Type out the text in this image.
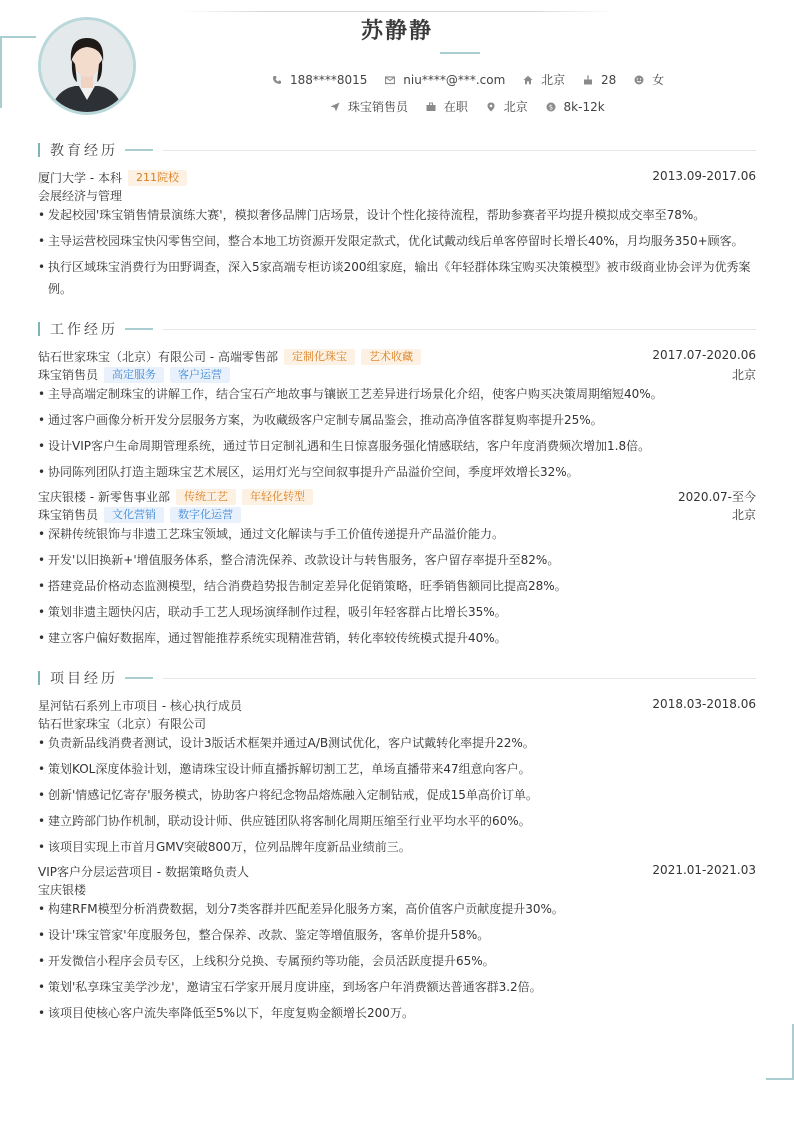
苏静静
188****8015
	niu****@***.com
	北京
	28
	女
珠宝销售员
	在职
	北京
	$ 8k-12k
教育经历
厦门大学 - 本科 211院校	2013.09-2017.06
会展经济与管理
• 发起校园'珠宝销售情景演练大赛'，模拟奢侈品牌门店场景，设计个性化接待流程，帮助参赛者平均提升模拟成交率至78%。
• 主导运营校园珠宝快闪零售空间，整合本地工坊资源开发限定款式，优化试戴动线后单客停留时长增长40%，月均服务350+顾客。
• 执行区域珠宝消费行为田野调查，深入5家高端专柜访谈200组家庭，输出《年轻群体珠宝购买决策模型》被市级商业协会评为优秀案例。
工作经历
钻石世家珠宝（北京）有限公司 - 高端零售部 定制化珠宝 艺术收藏	2017.07-2020.06
珠宝销售员 高定服务 客户运营	北京
• 主导高端定制珠宝的讲解工作，结合宝石产地故事与镶嵌工艺差异进行场景化介绍，使客户购买决策周期缩短40%。
• 通过客户画像分析开发分层服务方案，为收藏级客户定制专属品鉴会，推动高净值客群复购率提升25%。
• 设计VIP客户生命周期管理系统，通过节日定制礼遇和生日惊喜服务强化情感联结，客户年度消费频次增加1.8倍。
• 协同陈列团队打造主题珠宝艺术展区，运用灯光与空间叙事提升产品溢价空间，季度坪效增长32%。
宝庆银楼 - 新零售事业部 传统工艺 年轻化转型	2020.07-至今
珠宝销售员 文化营销 数字化运营	北京
• 深耕传统银饰与非遗工艺珠宝领域，通过文化解读与手工价值传递提升产品溢价能力。
• 开发'以旧换新+'增值服务体系，整合清洗保养、改款设计与转售服务，客户留存率提升至82%。
• 搭建竞品价格动态监测模型，结合消费趋势报告制定差异化促销策略，旺季销售额同比提高28%。
• 策划非遗主题快闪店，联动手工艺人现场演绎制作过程，吸引年轻客群占比增长35%。
• 建立客户偏好数据库，通过智能推荐系统实现精准营销，转化率较传统模式提升40%。
项目经历
星河钻石系列上市项目 - 核心执行成员	2018.03-2018.06
钻石世家珠宝（北京）有限公司
• 负责新品线消费者测试，设计3版话术框架并通过A/B测试优化，客户试戴转化率提升22%。
• 策划KOL深度体验计划，邀请珠宝设计师直播拆解切割工艺，单场直播带来47组意向客户。
• 创新'情感记忆寄存'服务模式，协助客户将纪念物品熔炼融入定制钻戒，促成15单高价订单。
• 建立跨部门协作机制，联动设计师、供应链团队将客制化周期压缩至行业平均水平的60%。
• 该项目实现上市首月GMV突破800万，位列品牌年度新品业绩前三。
VIP客户分层运营项目 - 数据策略负责人	2021.01-2021.03
宝庆银楼
• 构建RFM模型分析消费数据，划分7类客群并匹配差异化服务方案，高价值客户贡献度提升30%。
• 设计'珠宝管家'年度服务包，整合保养、改款、鉴定等增值服务，客单价提升58%。
• 开发微信小程序会员专区，上线积分兑换、专属预约等功能，会员活跃度提升65%。
• 策划'私享珠宝美学沙龙'，邀请宝石学家开展月度讲座，到场客户年消费额达普通客群3.2倍。
• 该项目使核心客户流失率降低至5%以下，年度复购金额增长200万。
